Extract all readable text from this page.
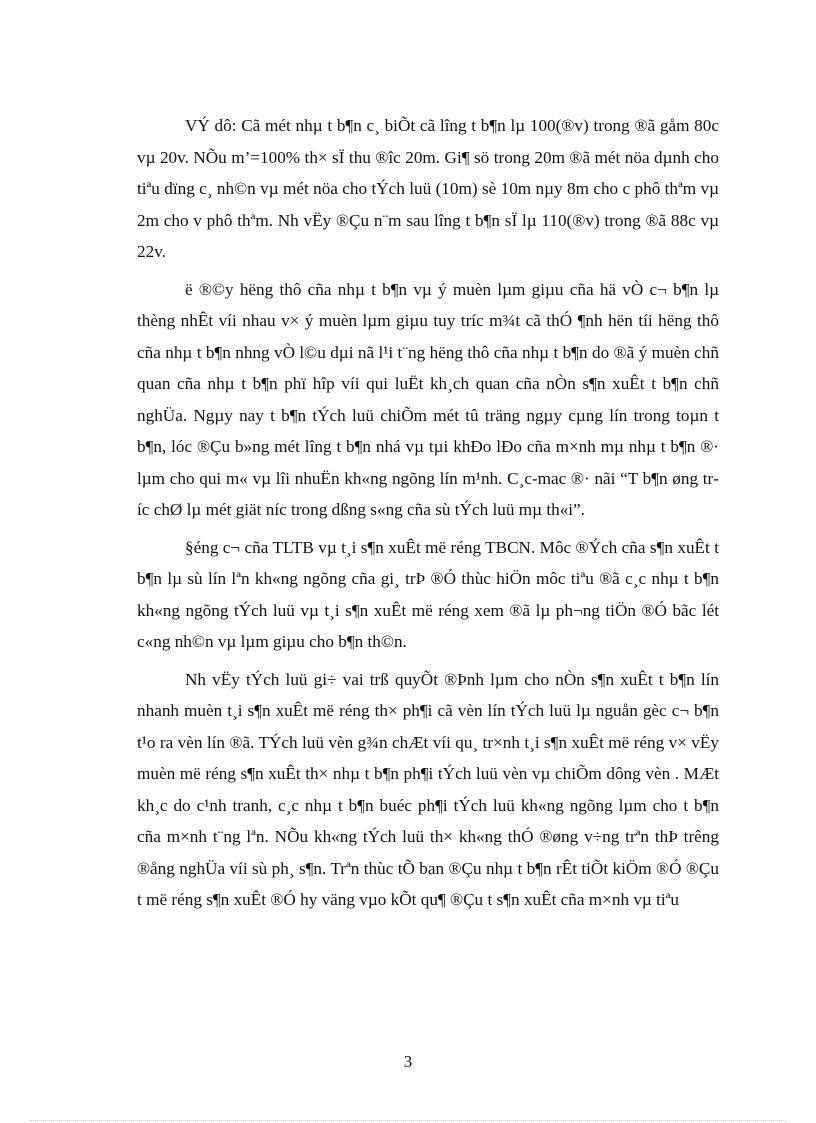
VÝ dô: Cã mét nhµ t b¶n c¸ biÕt cã lîng t b¶n lµ 100(®v) trong ®ã gåm 80c vµ 20v. NÕu m’=100% th× sÏ thu ®îc 20m. Gi¶ sö trong 20m ®ã mét nöa dµnh cho tiªu dïng c¸ nh©n vµ mét nöa cho tÝch luü (10m) sè 10m nµy 8m cho c phô thªm vµ 2m cho v phô thªm. Nh vËy ®Çu n¨m sau lîng t b¶n sÏ lµ 110(®v) trong ®ã 88c vµ 22v.

ë ®©y hëng thô cña nhµ t b¶n vµ ý muèn lµm giµu cña hä vÒ c¬ b¶n lµ thèng nhÊt víi nhau v× ý muèn lµm giµu tuy tríc m¾t cã thÓ ¶nh hën tíi hëng thô cña nhµ t b¶n nhng vÒ l©u dµi nã l¹i t¨ng hëng thô cña nhµ t b¶n do ®ã ý muèn chñ quan cña nhµ t b¶n phï hîp víi qui luËt kh¸ch quan cña nÒn s¶n xuÊt t b¶n chñ nghÜa. Ngµy nay t b¶n tÝch luü chiÕm mét tû träng ngµy cµng lín trong toµn t b¶n, lóc ®Çu b»ng mét lîng t b¶n nhá vµ tµi khÐo lÐo cña m×nh mµ nhµ t b¶n ®· lµm cho qui m« vµ lîi nhuËn kh«ng ngõng lín m¹nh. C¸c-mac ®· nãi “T b¶n øng tríc chØ lµ mét giät níc trong dßng s«ng cña sù tÝch luü mµ th«i”.

§éng c¬ cña TLTB vµ t¸i s¶n xuÊt më réng TBCN. Môc ®Ých cña s¶n xuÊt t b¶n lµ sù lín lªn kh«ng ngõng cña gi¸ trÞ ®Ó thùc hiÖn môc tiªu ®ã c¸c nhµ t b¶n kh«ng ngõng tÝch luü vµ t¸i s¶n xuÊt më réng xem ®ã lµ ph¬ng tiÖn ®Ó bãc lét c«ng nh©n vµ lµm giµu cho b¶n th©n.

Nh vËy tÝch luü gi÷ vai trß quyÕt ®Þnh lµm cho nÒn s¶n xuÊt t b¶n lín nhanh muèn t¸i s¶n xuÊt më réng th× ph¶i cã vèn lín tÝch luü lµ nguån gèc c¬ b¶n t¹o ra vèn lín ®ã. TÝch luü vèn g¾n chÆt víi qu¸ tr×nh t¸i s¶n xuÊt më réng v× vËy muèn më réng s¶n xuÊt th× nhµ t b¶n ph¶i tÝch luü vèn vµ chiÕm dông vèn . MÆt kh¸c do c¹nh tranh, c¸c nhµ t b¶n buéc ph¶i tÝch luü kh«ng ngõng lµm cho t b¶n cña m×nh t¨ng lªn. NÕu kh«ng tÝch luü th× kh«ng thÓ ®øng v÷ng trªn thÞ trêng ®ång nghÜa víi sù ph¸ s¶n. Trªn thùc tÕ ban ®Çu nhµ t b¶n rÊt tiÕt kiÖm ®Ó ®Çu t më réng s¶n xuÊt ®Ó hy väng vµo kÕt qu¶ ®Çu t s¶n xuÊt cña m×nh vµ tiªu

3
